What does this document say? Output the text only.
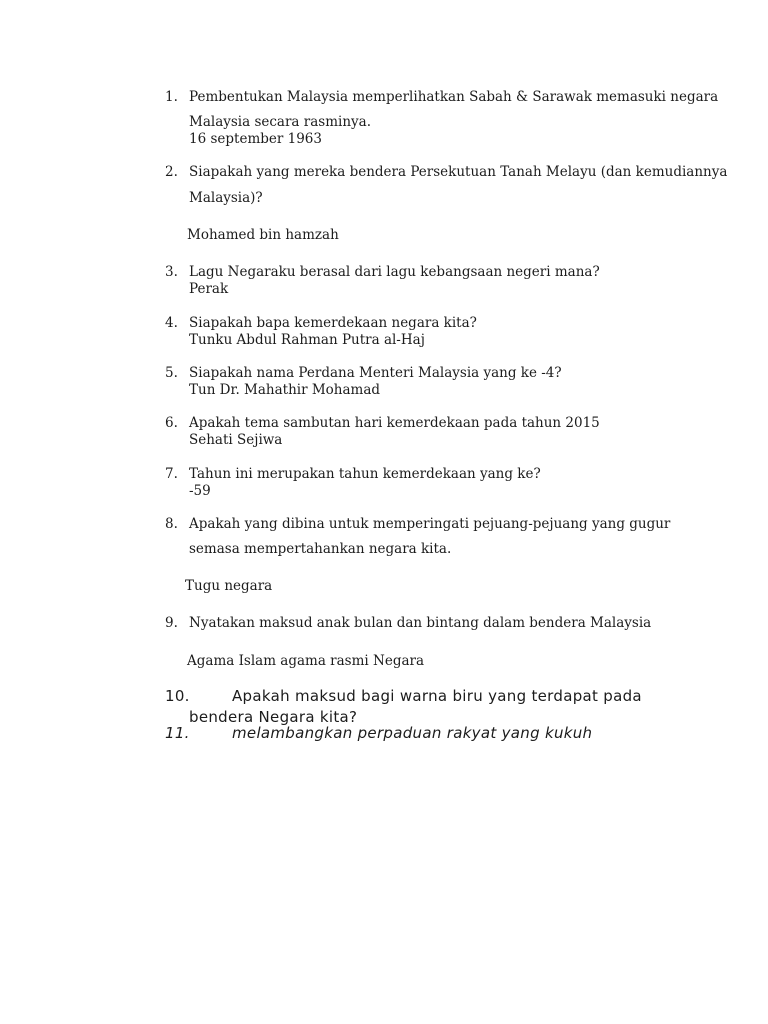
1. Pembentukan Malaysia memperlihatkan Sabah & Sarawak memasuki negara
Malaysia secara rasminya.
16 september 1963
2. Siapakah yang mereka bendera Persekutuan Tanah Melayu (dan kemudiannya
Malaysia)?
Mohamed bin hamzah
3. Lagu Negaraku berasal dari lagu kebangsaan negeri mana?
Perak
4. Siapakah bapa kemerdekaan negara kita?
Tunku Abdul Rahman Putra al-Haj
5. Siapakah nama Perdana Menteri Malaysia yang ke -4?
Tun Dr. Mahathir Mohamad
6. Apakah tema sambutan hari kemerdekaan pada tahun 2015
Sehati Sejiwa
7. Tahun ini merupakan tahun kemerdekaan yang ke?
-59
8. Apakah yang dibina untuk memperingati pejuang-pejuang yang gugur
semasa mempertahankan negara kita.
Tugu negara
9. Nyatakan maksud anak bulan dan bintang dalam bendera Malaysia
Agama Islam agama rasmi Negara
10.	Apakah maksud bagi warna biru yang terdapat pada
bendera Negara kita?
11.	melambangkan perpaduan rakyat yang kukuh
